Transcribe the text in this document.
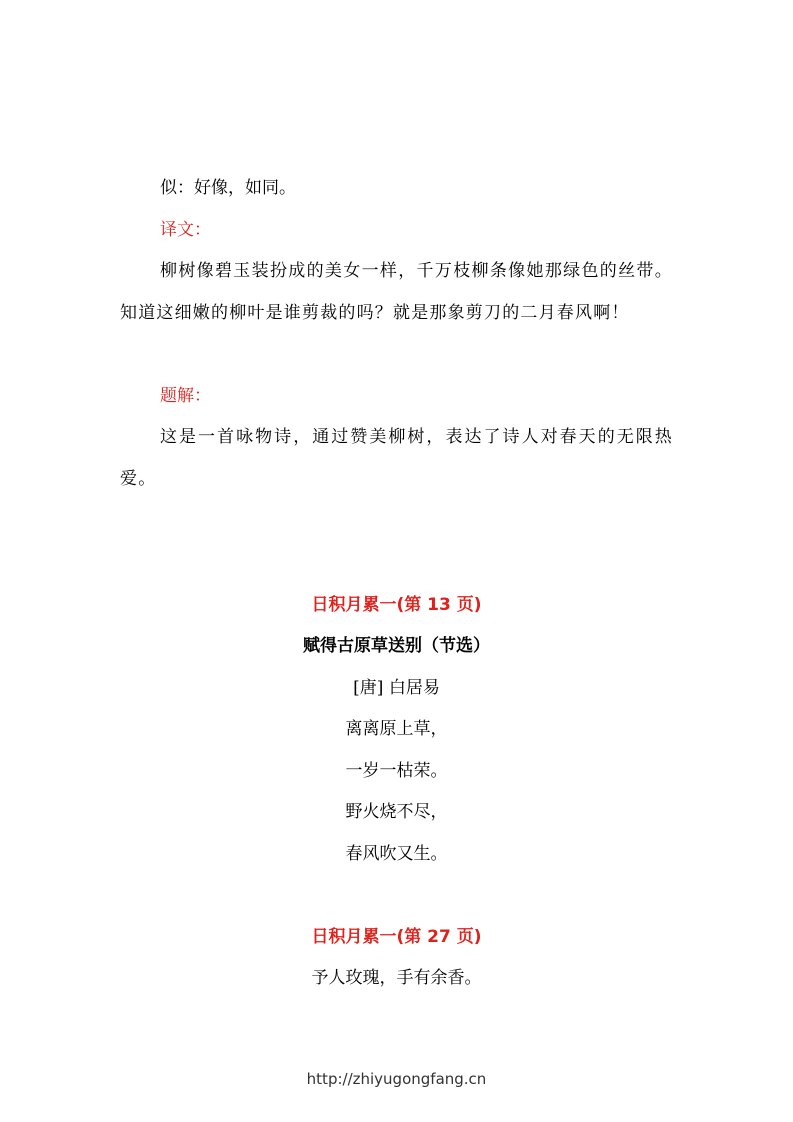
似：好像，如同。
译文：
柳树像碧玉装扮成的美女一样，千万枝柳条像她那绿色的丝带。知道这细嫩的柳叶是谁剪裁的吗？就是那象剪刀的二月春风啊！
题解：
这是一首咏物诗，通过赞美柳树，表达了诗人对春天的无限热爱。
日积月累一(第 13 页)
赋得古原草送别（节选）
[唐] 白居易
离离原上草，
一岁一枯荣。
野火烧不尽，
春风吹又生。
日积月累一(第 27 页)
予人玫瑰，手有余香。
http://zhiyugongfang.cn
